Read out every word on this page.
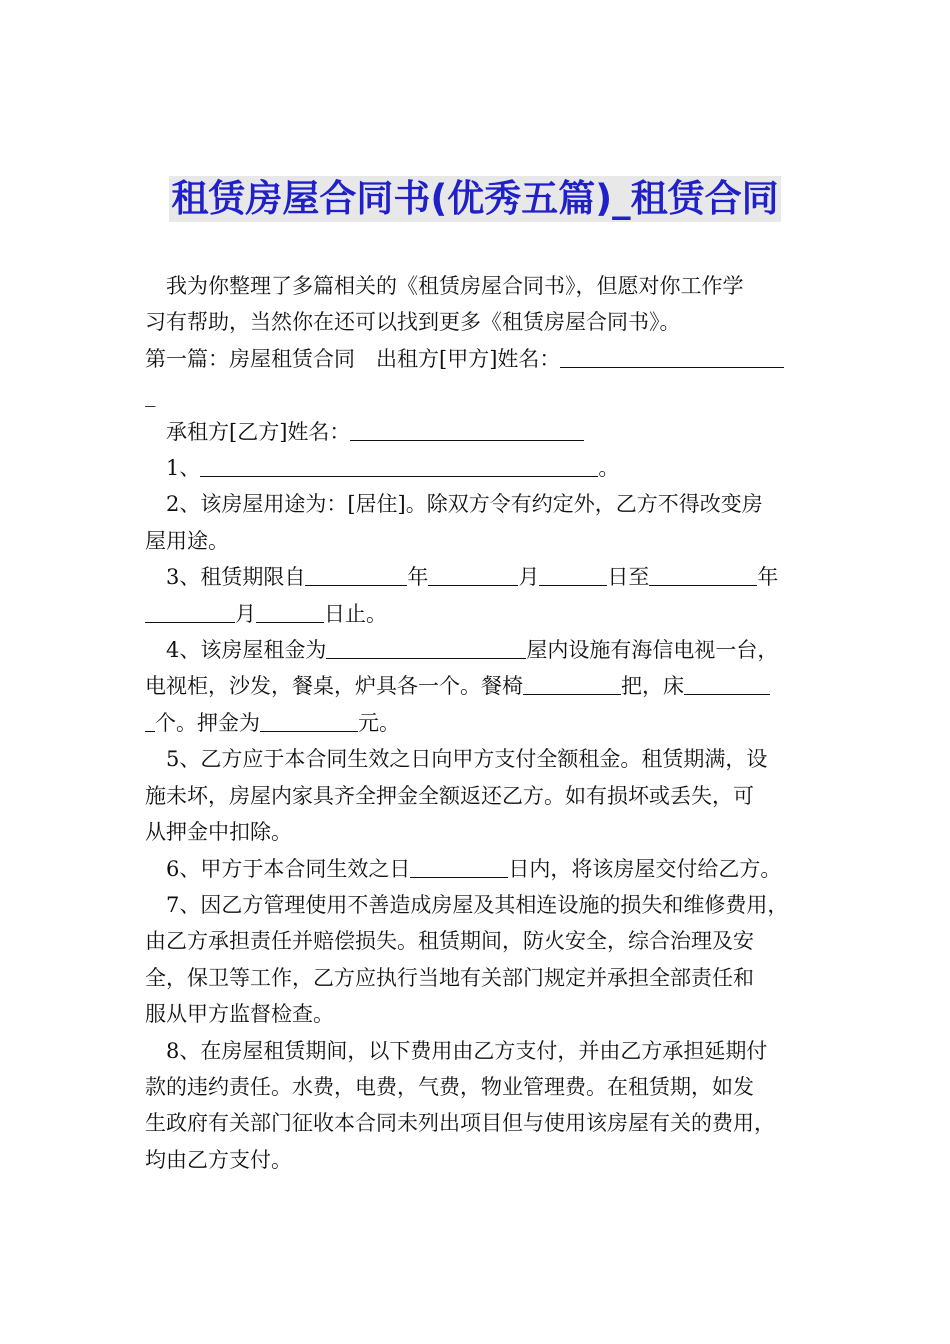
租赁房屋合同书(优秀五篇)_租赁合同

我为你整理了多篇相关的《租赁房屋合同书》，但愿对你工作学

习有帮助，当然你在还可以找到更多《租赁房屋合同书》。

第一篇：房屋租赁合同　出租方[甲方]姓名：

_

承租方[乙方]姓名：

1、	。

2、该房屋用途为：[居住]。除双方令有约定外，乙方不得改变房

屋用途。

3、租赁期限自	年	月	日至	年

月	日止。

4、该房屋租金为	屋内设施有海信电视一台，

电视柜，沙发，餐桌，炉具各一个。餐椅	把，床

个。押金为	元。

5、乙方应于本合同生效之日向甲方支付全额租金。租赁期满，设

施未坏，房屋内家具齐全押金全额返还乙方。如有损坏或丢失，可

从押金中扣除。

6、甲方于本合同生效之日	日内，将该房屋交付给乙方。

7、因乙方管理使用不善造成房屋及其相连设施的损失和维修费用，

由乙方承担责任并赔偿损失。租赁期间，防火安全，综合治理及安

全，保卫等工作，乙方应执行当地有关部门规定并承担全部责任和

服从甲方监督检查。

8、在房屋租赁期间，以下费用由乙方支付，并由乙方承担延期付

款的违约责任。水费，电费，气费，物业管理费。在租赁期，如发

生政府有关部门征收本合同未列出项目但与使用该房屋有关的费用，

均由乙方支付。
